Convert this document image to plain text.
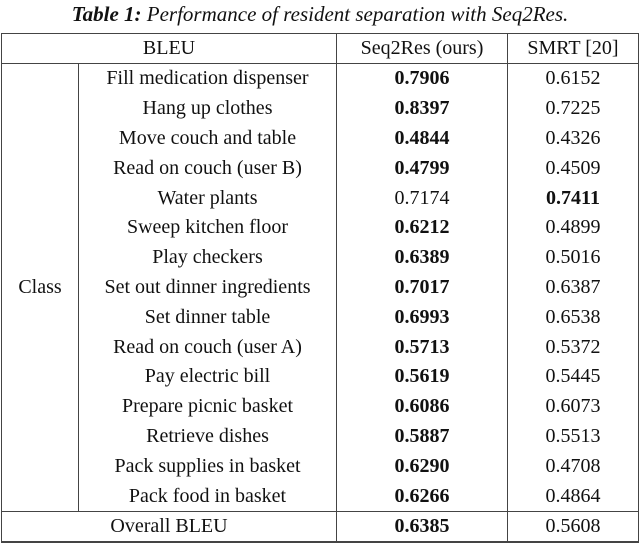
Table 1: Performance of resident separation with Seq2Res.
BLEU		Seq2Res (ours)	SMRT [20]
Class	Fill medication dispenser	0.7906	0.6152
	Hang up clothes	0.8397	0.7225
	Move couch and table	0.4844	0.4326
	Read on couch (user B)	0.4799	0.4509
	Water plants	0.7174	0.7411
	Sweep kitchen floor	0.6212	0.4899
	Play checkers	0.6389	0.5016
	Set out dinner ingredients	0.7017	0.6387
	Set dinner table	0.6993	0.6538
	Read on couch (user A)	0.5713	0.5372
	Pay electric bill	0.5619	0.5445
	Prepare picnic basket	0.6086	0.6073
	Retrieve dishes	0.5887	0.5513
	Pack supplies in basket	0.6290	0.4708
	Pack food in basket	0.6266	0.4864
Overall BLEU		0.6385	0.5608
